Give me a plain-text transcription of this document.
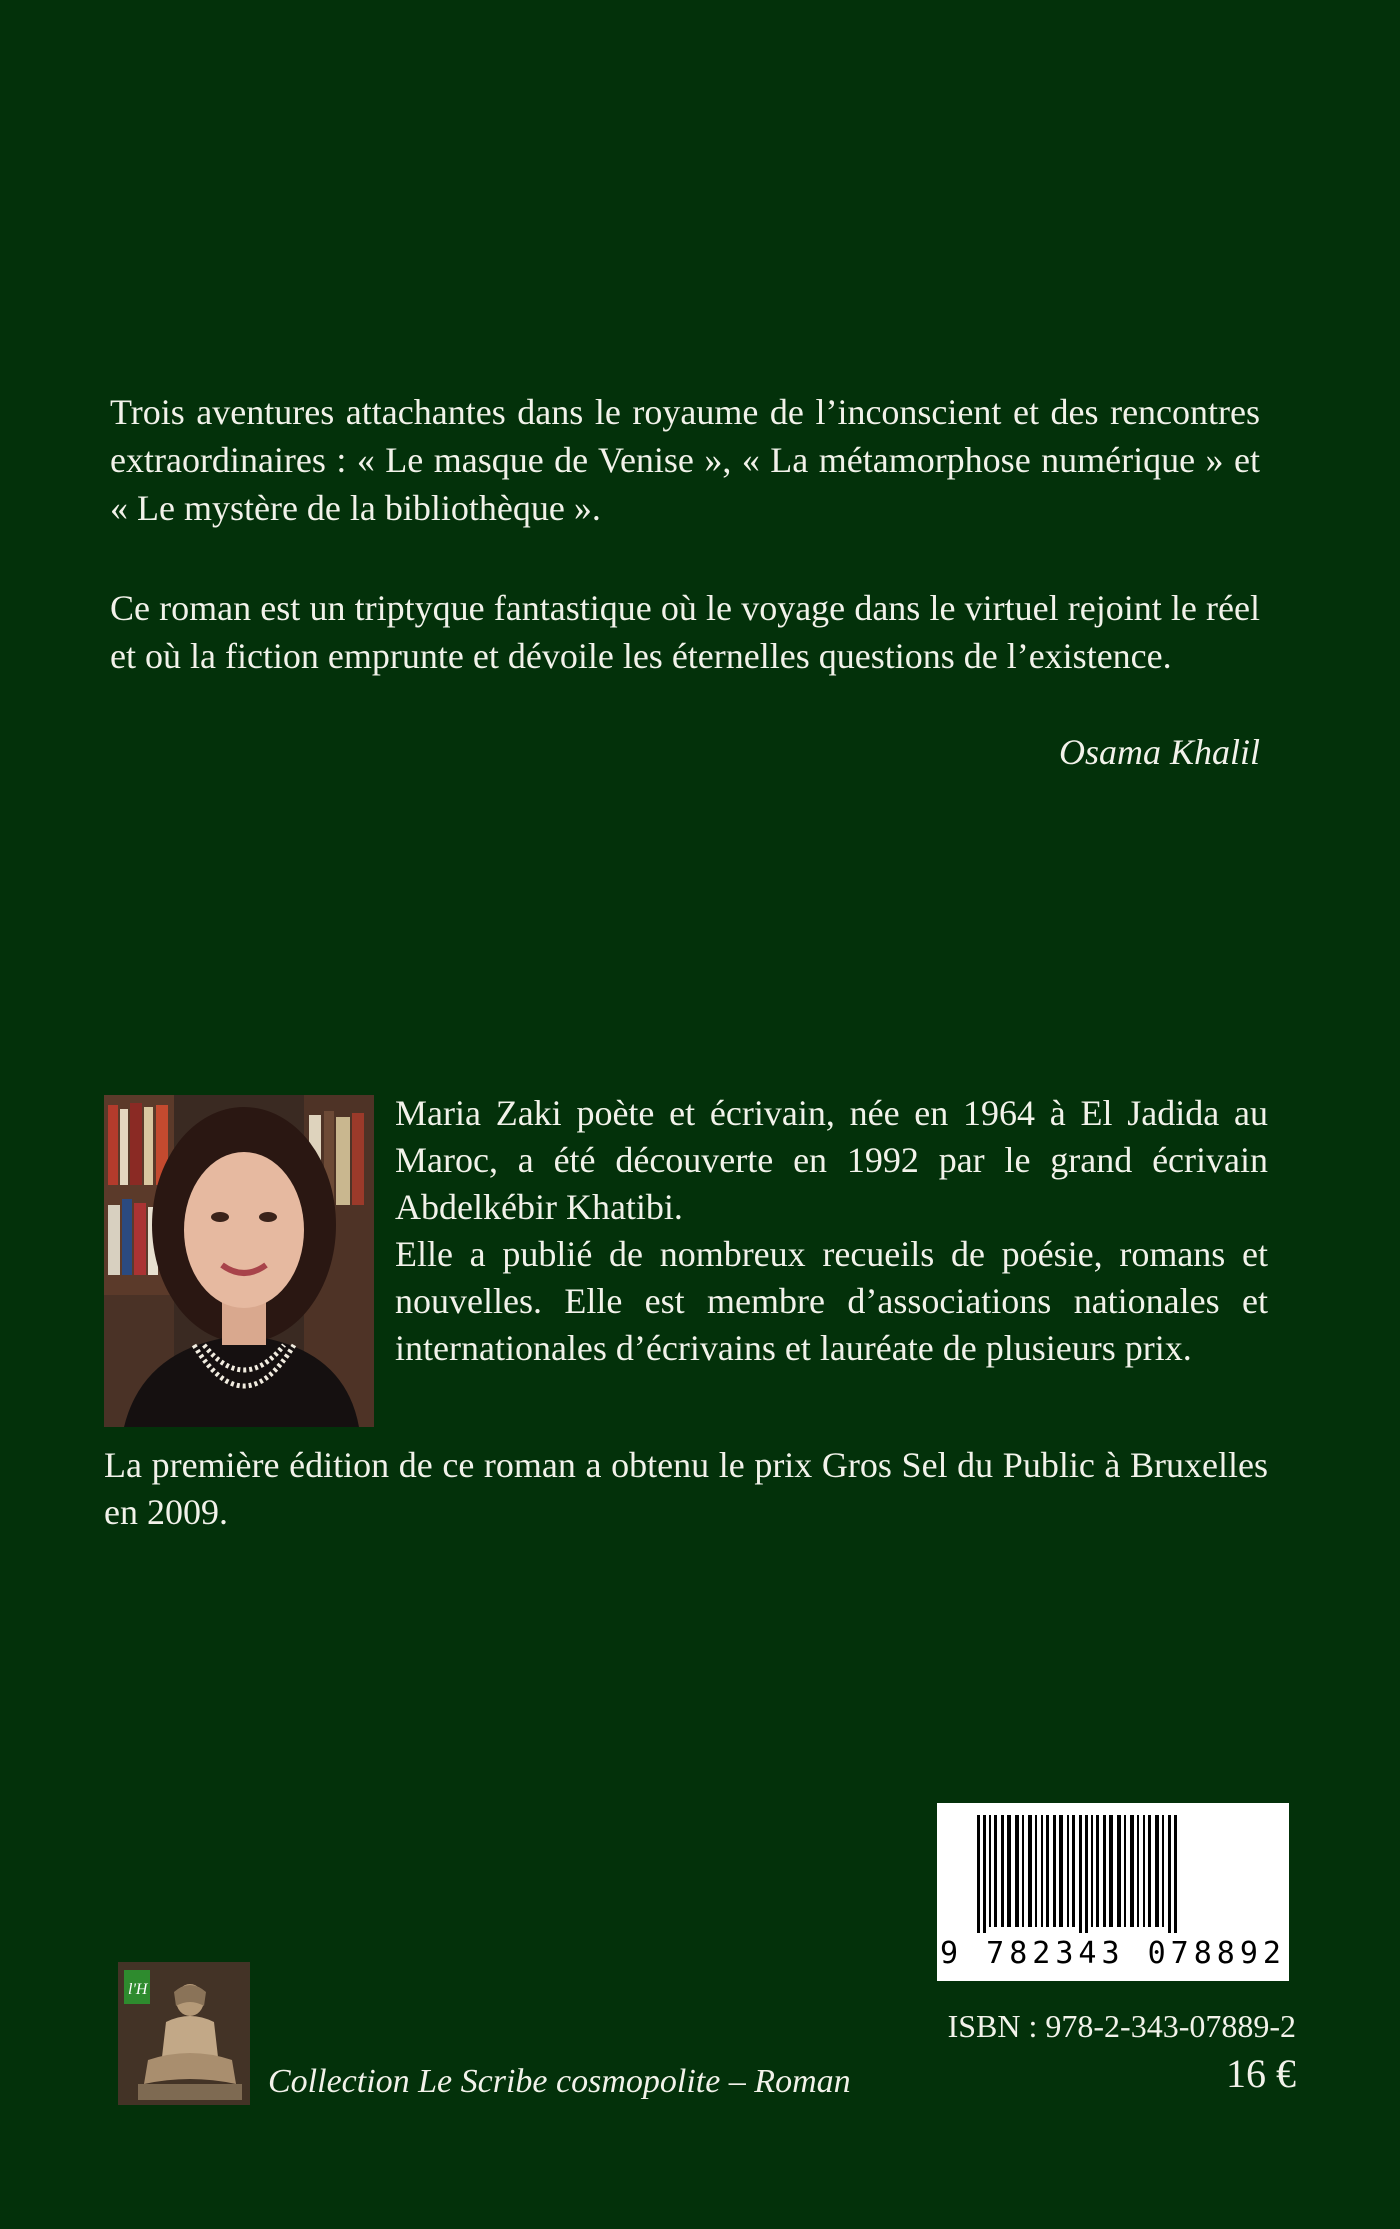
Trois aventures attachantes dans le royaume de l’inconscient et des rencontres extraordinaires : « Le masque de Venise », « La métamorphose numérique » et « Le mystère de la bibliothèque ».

Ce roman est un triptyque fantastique où le voyage dans le virtuel rejoint le réel et où la fiction emprunte et dévoile les éternelles questions de l’existence.

Osama Khalil

Maria Zaki poète et écrivain, née en 1964 à El Jadida au Maroc, a été découverte en 1992 par le grand écrivain Abdelkébir Khatibi.

Elle a publié de nombreux recueils de poésie, romans et nouvelles. Elle est membre d’associations nationales et internationales d’écrivains et lauréate de plusieurs prix.

La première édition de ce roman a obtenu le prix Gros Sel du Public à Bruxelles en 2009.

9 782343 078892
ISBN : 978-2-343-07889-2
16 €
l'H
Collection Le Scribe cosmopolite – Roman
